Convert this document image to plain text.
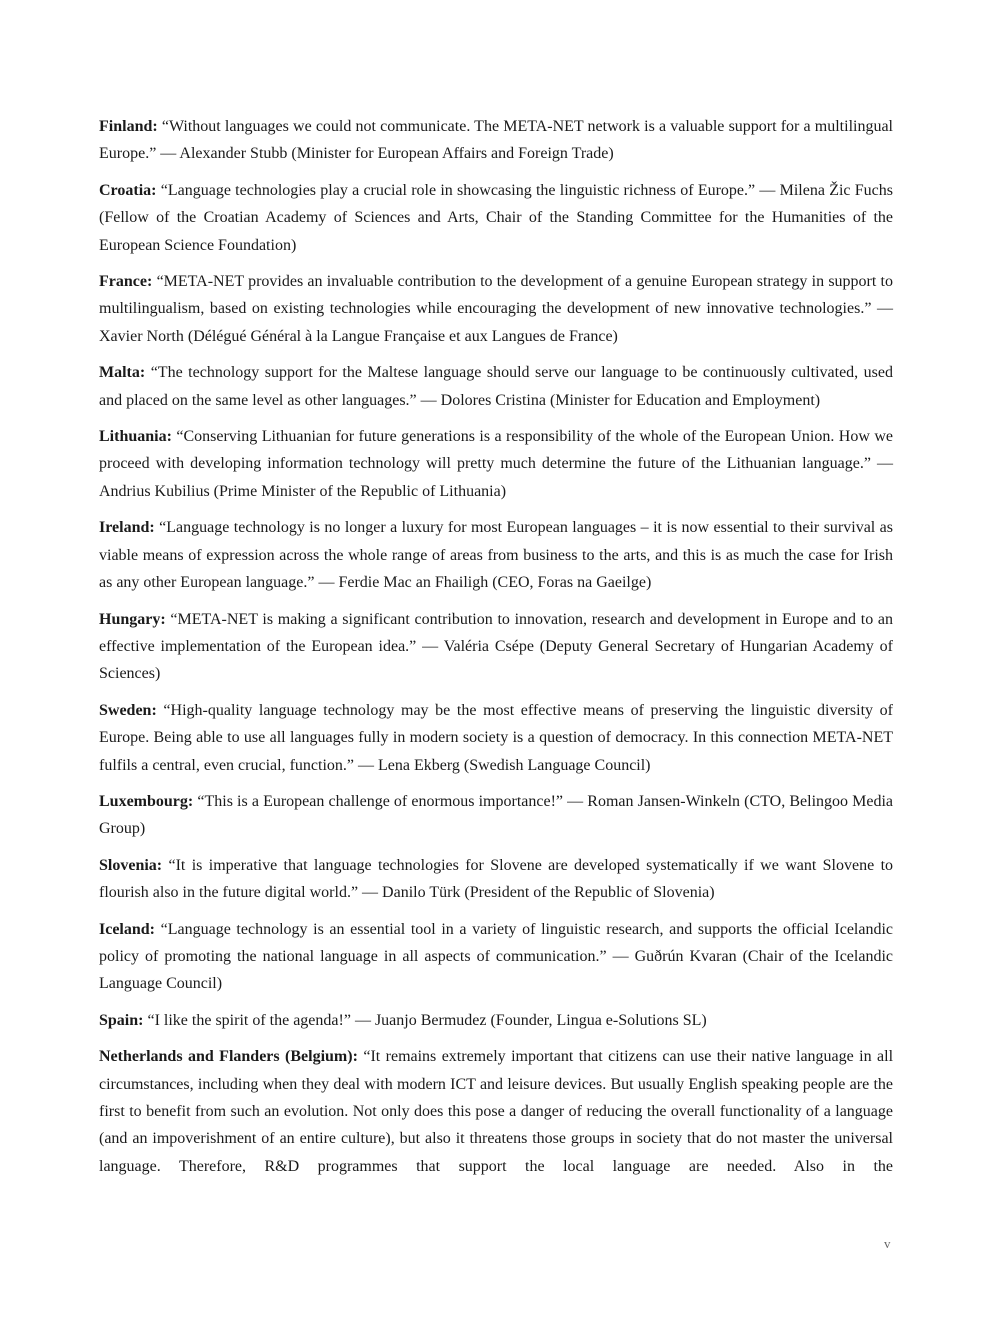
Finland: “Without languages we could not communicate. The META-NET network is a valuable support for a multilingual Europe.” — Alexander Stubb (Minister for European Affairs and Foreign Trade)

Croatia: “Language technologies play a crucial role in showcasing the linguistic richness of Europe.” — Milena Žic Fuchs (Fellow of the Croatian Academy of Sciences and Arts, Chair of the Standing Committee for the Humanities of the European Science Foundation)

France: “META-NET provides an invaluable contribution to the development of a genuine European strategy in support to multilingualism, based on existing technologies while encouraging the development of new innovative technologies.” — Xavier North (Délégué Général à la Langue Française et aux Langues de France)

Malta: “The technology support for the Maltese language should serve our language to be continuously cultivated, used and placed on the same level as other languages.” — Dolores Cristina (Minister for Education and Employment)

Lithuania: “Conserving Lithuanian for future generations is a responsibility of the whole of the European Union. How we proceed with developing information technology will pretty much determine the future of the Lithuanian language.” — Andrius Kubilius (Prime Minister of the Republic of Lithuania)

Ireland: “Language technology is no longer a luxury for most European languages – it is now essential to their survival as viable means of expression across the whole range of areas from business to the arts, and this is as much the case for Irish as any other European language.” — Ferdie Mac an Fhailigh (CEO, Foras na Gaeilge)

Hungary: “META-NET is making a significant contribution to innovation, research and development in Europe and to an effective implementation of the European idea.” — Valéria Csépe (Deputy General Secretary of Hungarian Academy of Sciences)

Sweden: “High-quality language technology may be the most effective means of preserving the linguistic diversity of Europe. Being able to use all languages fully in modern society is a question of democracy. In this connection META-NET fulfils a central, even crucial, function.” — Lena Ekberg (Swedish Language Council)

Luxembourg: “This is a European challenge of enormous importance!” — Roman Jansen-Winkeln (CTO, Belingoo Media Group)

Slovenia: “It is imperative that language technologies for Slovene are developed systematically if we want Slovene to flourish also in the future digital world.” — Danilo Türk (President of the Republic of Slovenia)

Iceland: “Language technology is an essential tool in a variety of linguistic research, and supports the official Icelandic policy of promoting the national language in all aspects of communication.” — Guðrún Kvaran (Chair of the Icelandic Language Council)

Spain: “I like the spirit of the agenda!” — Juanjo Bermudez (Founder, Lingua e-Solutions SL)

Netherlands and Flanders (Belgium): “It remains extremely important that citizens can use their native language in all circumstances, including when they deal with modern ICT and leisure devices. But usually English speaking people are the first to benefit from such an evolution. Not only does this pose a danger of reducing the overall functionality of a language (and an impoverishment of an entire culture), but also it threatens those groups in society that do not master the universal language. Therefore, R&D programmes that support the local language are needed. Also in the

v
